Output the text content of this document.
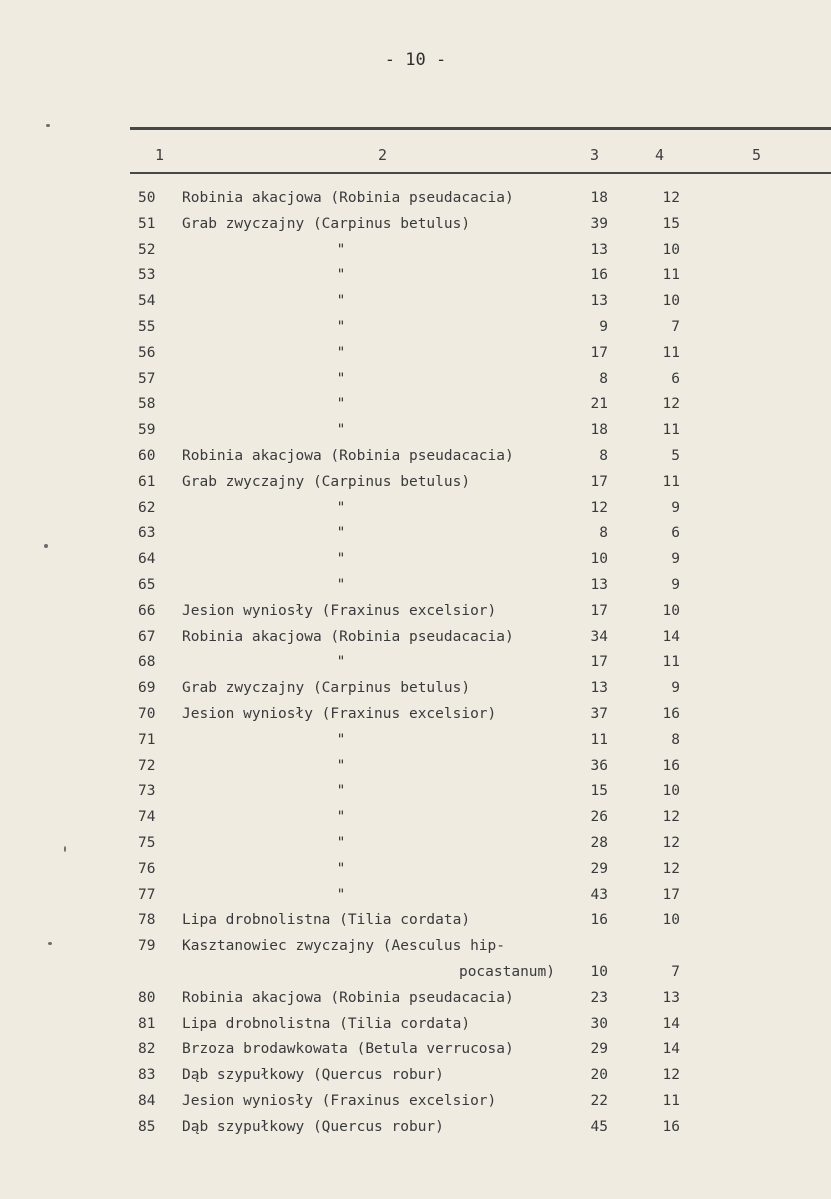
- 10 -
1	2	3	4	5
50	Robinia akacjowa (Robinia pseudacacia)	18	12
51	Grab zwyczajny (Carpinus betulus)	39	15
52	"	13	10
53	"	16	11
54	"	13	10
55	"	9	7
56	"	17	11
57	"	8	6
58	"	21	12
59	"	18	11
60	Robinia akacjowa (Robinia pseudacacia)	8	5
61	Grab zwyczajny (Carpinus betulus)	17	11
62	"	12	9
63	"	8	6
64	"	10	9
65	"	13	9
66	Jesion wyniosły (Fraxinus excelsior)	17	10
67	Robinia akacjowa (Robinia pseudacacia)	34	14
68	"	17	11
69	Grab zwyczajny (Carpinus betulus)	13	9
70	Jesion wyniosły (Fraxinus excelsior)	37	16
71	"	11	8
72	"	36	16
73	"	15	10
74	"	26	12
75	"	28	12
76	"	29	12
77	"	43	17
78	Lipa drobnolistna (Tilia cordata)	16	10
79	Kasztanowiec zwyczajny (Aesculus hip-
pocastanum)	10	7
80	Robinia akacjowa (Robinia pseudacacia)	23	13
81	Lipa drobnolistna (Tilia cordata)	30	14
82	Brzoza brodawkowata (Betula verrucosa)	29	14
83	Dąb szypułkowy (Quercus robur)	20	12
84	Jesion wyniosły (Fraxinus excelsior)	22	11
85	Dąb szypułkowy (Quercus robur)	45	16
